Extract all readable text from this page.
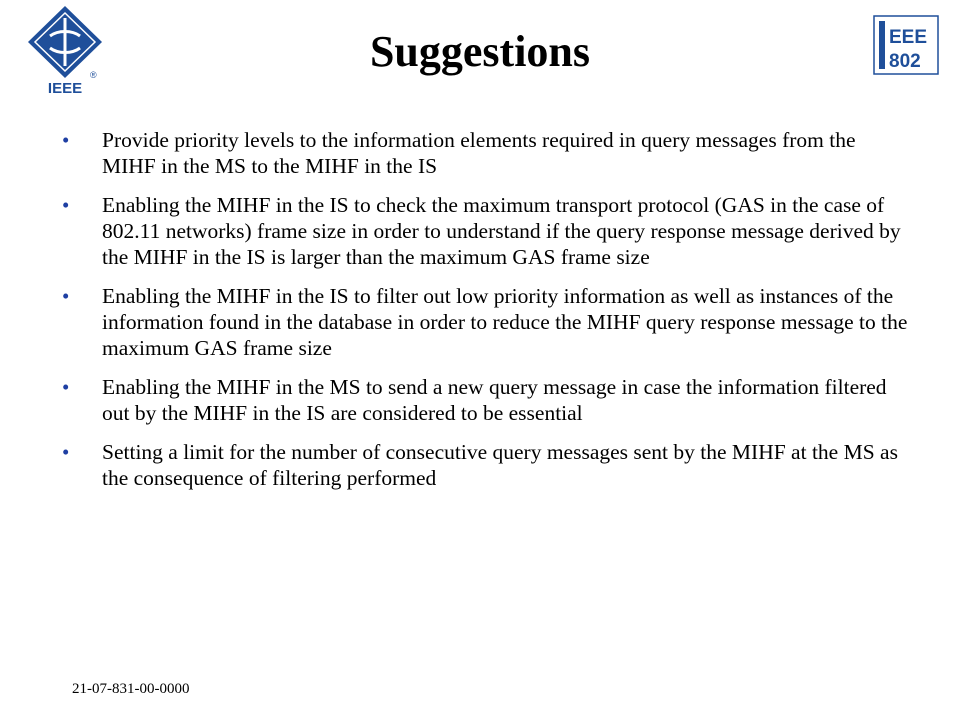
®
IEEE
EEE
802
Suggestions
• Provide priority levels to the information elements required in query messages from the MIHF in the MS to the MIHF in the IS
• Enabling the MIHF in the IS to check the maximum transport protocol (GAS in the case of 802.11 networks) frame size in order to understand if the query response message derived by the MIHF in the IS is larger than the maximum GAS frame size
• Enabling the MIHF in the IS to filter out low priority information as well as instances of the information found in the database in order to reduce the MIHF query response message to the maximum GAS frame size
• Enabling the MIHF in the MS to send a new query message in case the information filtered out by the MIHF in the IS are considered to be essential
• Setting a limit for the number of consecutive query messages sent by the MIHF at the MS as the consequence of filtering performed
21-07-831-00-0000
